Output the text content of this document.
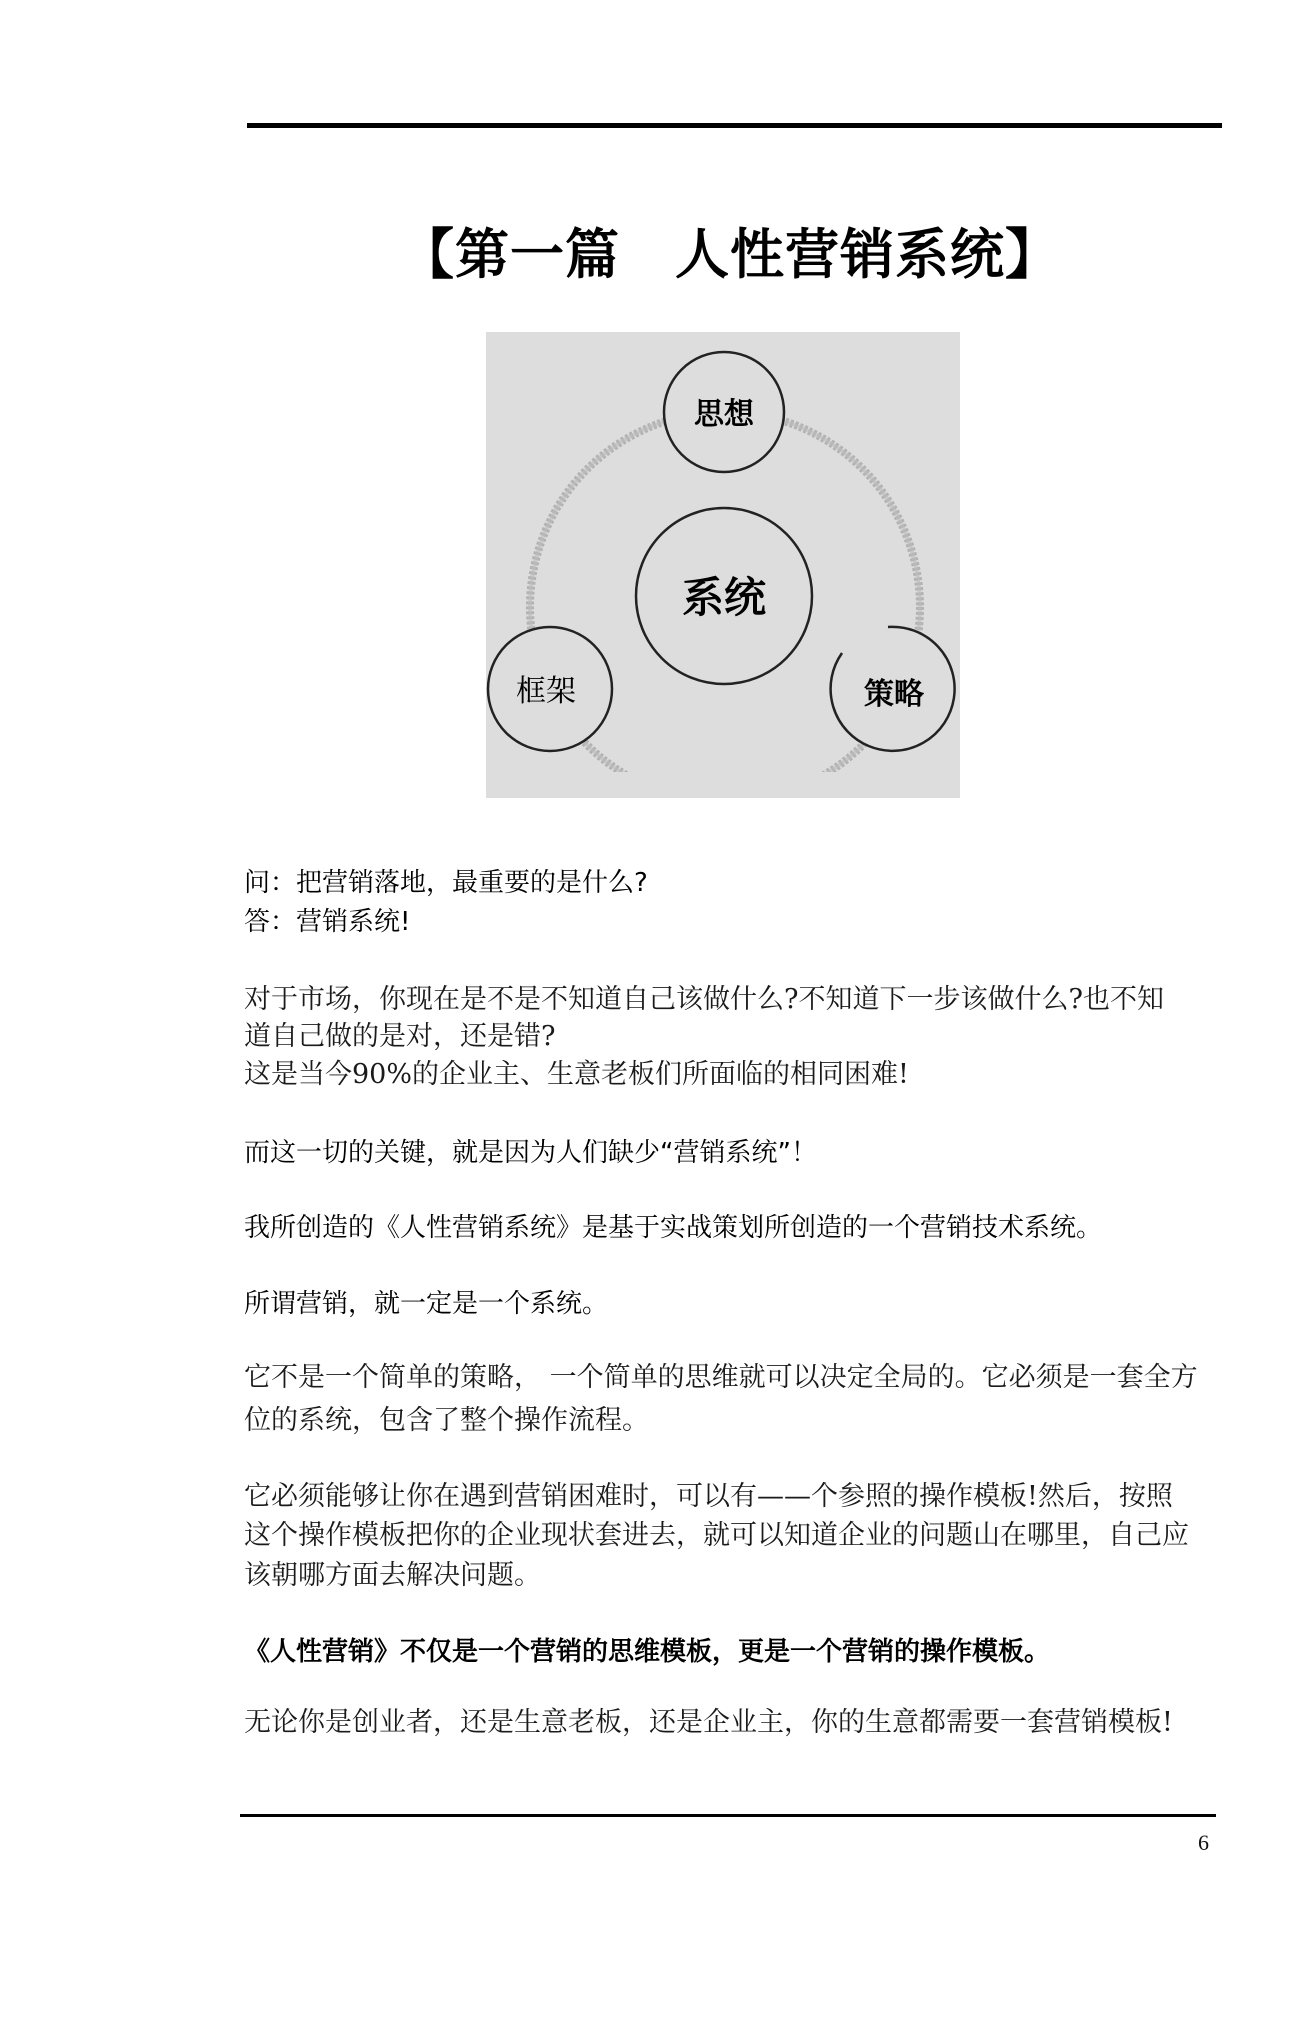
【第一篇　人性营销系统】
思想
系统
框架	策略
问：把营销落地，最重要的是什么?
答：营销系统!
对于市场，你现在是不是不知道自己该做什么?不知道下一步该做什么?也不知
道自己做的是对，还是错?
这是当今90%的企业主、生意老板们所面临的相同困难!
而这一切的关键，就是因为人们缺少“营销系统”！
我所创造的《人性营销系统》是基于实战策划所创造的一个营销技术系统。
所谓营销，就一定是一个系统。
它不是一个简单的策略， 一个简单的思维就可以决定全局的。它必须是一套全方
位的系统，包含了整个操作流程。
它必须能够让你在遇到营销困难时，可以有——个参照的操作模板!然后，按照
这个操作模板把你的企业现状套进去，就可以知道企业的问题山在哪里，自己应
该朝哪方面去解决问题。
《人性营销》不仅是一个营销的思维模板，更是一个营销的操作模板。
无论你是创业者，还是生意老板，还是企业主，你的生意都需要一套营销模板!
6
